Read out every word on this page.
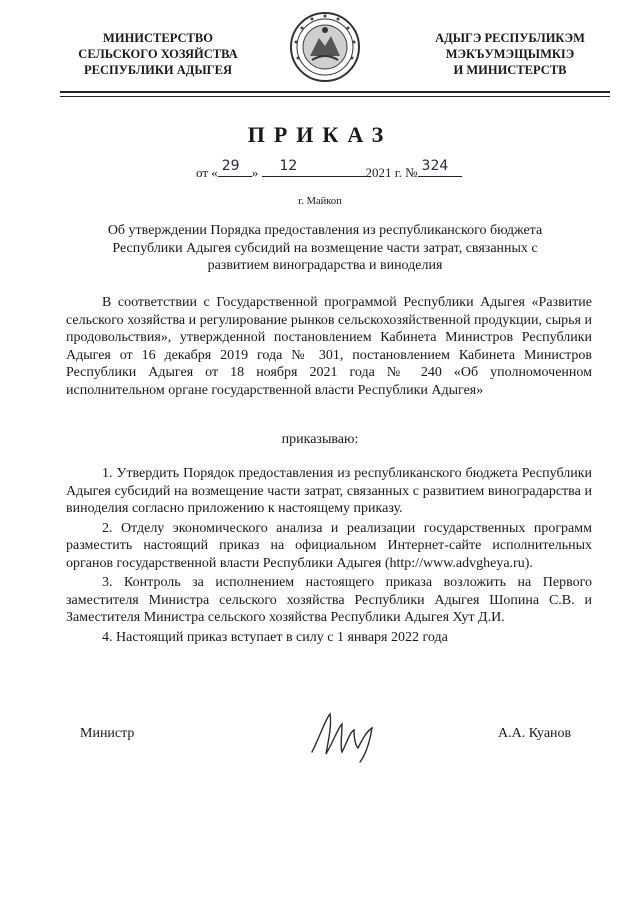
МИНИСТЕРСТВО
СЕЛЬСКОГО ХОЗЯЙСТВА
РЕСПУБЛИКИ АДЫГЕЯ
АДЫГЭ РЕСПУБЛИКЭМ
МЭКЪУМЭЩЫМКІЭ
И МИНИСТЕРСТВ
ПРИКАЗ
от « 29 » 12	2021 г. № 324
г. Майкоп
Об утверждении Порядка предоставления из республиканского бюджета Республики Адыгея субсидий на возмещение части затрат, связанных с развитием виноградарства и виноделия
В соответствии с Государственной программой Республики Адыгея «Развитие сельского хозяйства и регулирование рынков сельскохозяйственной продукции, сырья и продовольствия», утвержденной постановлением Кабинета Министров Республики Адыгея от 16 декабря 2019 года № 301, постановлением Кабинета Министров Республики Адыгея от 18 ноября 2021 года № 240 «Об уполномоченном исполнительном органе государственной власти Республики Адыгея»
приказываю:

1. Утвердить Порядок предоставления из республиканского бюджета Республики Адыгея субсидий на возмещение части затрат, связанных с развитием виноградарства и виноделия согласно приложению к настоящему приказу.

2. Отделу экономического анализа и реализации государственных программ разместить настоящий приказ на официальном Интернет-сайте исполнительных органов государственной власти Республики Адыгея (http://www.advgheya.ru).

3. Контроль за исполнением настоящего приказа возложить на Первого заместителя Министра сельского хозяйства Республики Адыгея Шопина С.В. и Заместителя Министра сельского хозяйства Республики Адыгея Хут Д.И.

4. Настоящий приказ вступает в силу с 1 января 2022 года

Министр	А.А. Куанов
